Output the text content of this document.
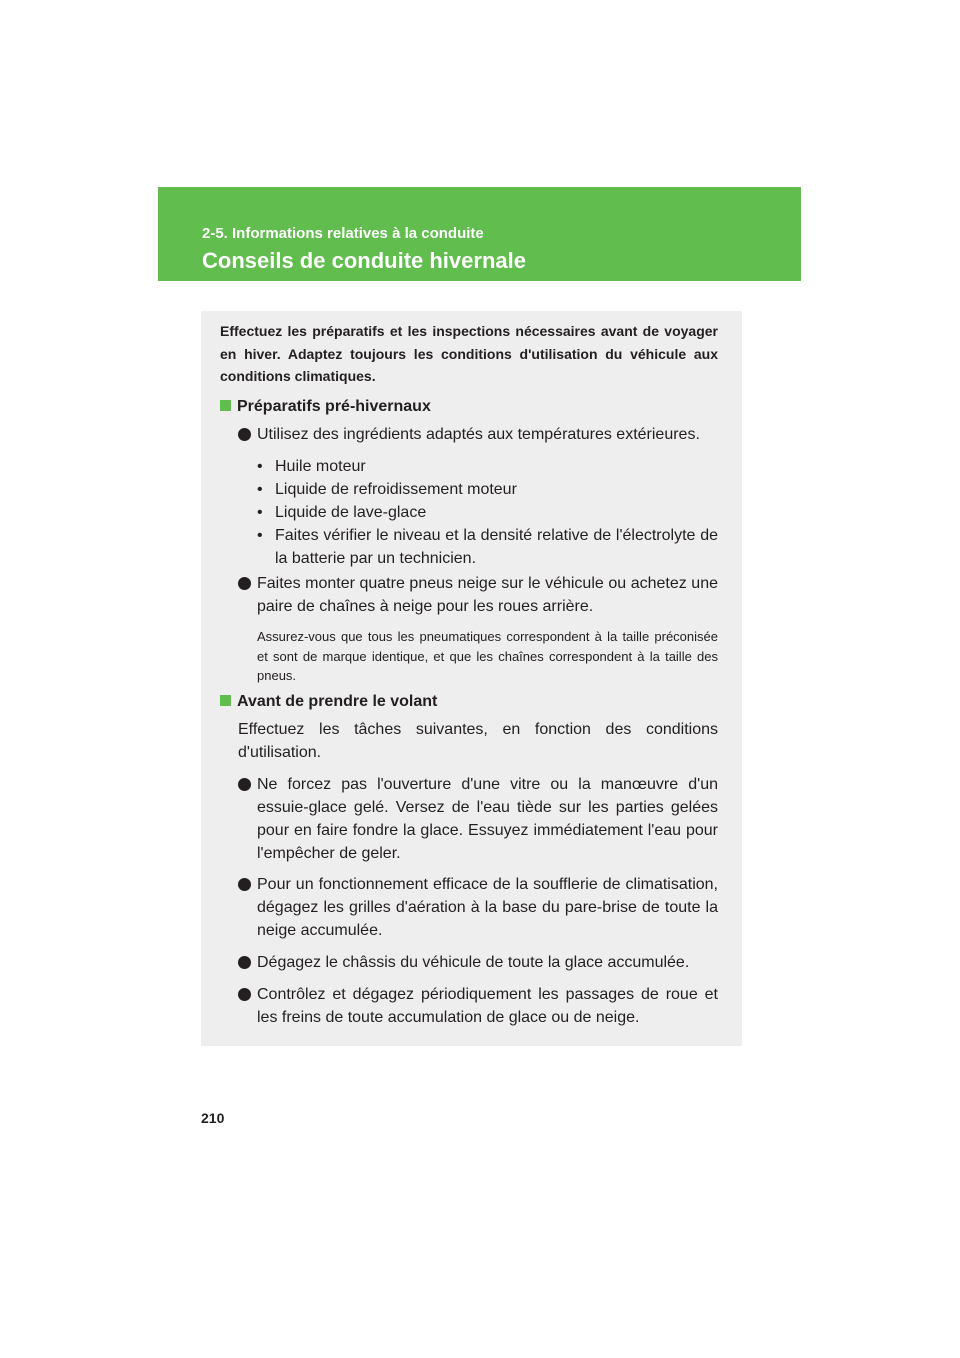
2-5. Informations relatives à la conduite
Conseils de conduite hivernale
Effectuez les préparatifs et les inspections nécessaires avant de voyager en hiver. Adaptez toujours les conditions d'utilisation du véhicule aux conditions climatiques.
Préparatifs pré-hivernaux
Utilisez des ingrédients adaptés aux températures extérieures.
• Huile moteur
• Liquide de refroidissement moteur
• Liquide de lave-glace
• Faites vérifier le niveau et la densité relative de l'électrolyte de la batterie par un technicien.
Faites monter quatre pneus neige sur le véhicule ou achetez une paire de chaînes à neige pour les roues arrière.
Assurez-vous que tous les pneumatiques correspondent à la taille préconisée et sont de marque identique, et que les chaînes correspondent à la taille des pneus.
Avant de prendre le volant
Effectuez les tâches suivantes, en fonction des conditions d'utilisation.
Ne forcez pas l'ouverture d'une vitre ou la manœuvre d'un essuie-glace gelé. Versez de l'eau tiède sur les parties gelées pour en faire fondre la glace. Essuyez immédiatement l'eau pour l'empêcher de geler.
Pour un fonctionnement efficace de la soufflerie de climatisation, dégagez les grilles d'aération à la base du pare-brise de toute la neige accumulée.
Dégagez le châssis du véhicule de toute la glace accumulée.
Contrôlez et dégagez périodiquement les passages de roue et les freins de toute accumulation de glace ou de neige.
210
